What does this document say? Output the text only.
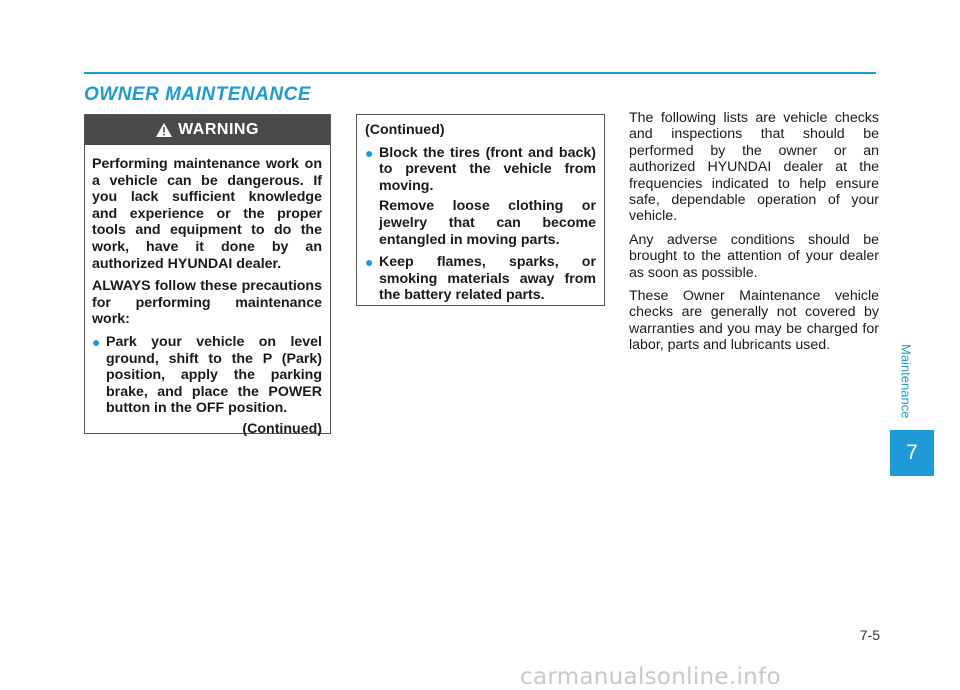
OWNER MAINTENANCE
WARNING

Performing maintenance work on a vehicle can be dangerous. If you lack sufficient knowledge and experience or the proper tools and equipment to do the work, have it done by an authorized HYUNDAI dealer.

ALWAYS follow these precautions for performing maintenance work:

● Park your vehicle on level ground, shift to the P (Park) position, apply the parking brake, and place the POWER button in the OFF position.
(Continued)

(Continued)

● Block the tires (front and back) to prevent the vehicle from moving.
Remove loose clothing or jewelry that can become entangled in moving parts.
● Keep flames, sparks, or smoking materials away from the battery related parts.

The following lists are vehicle checks and inspections that should be performed by the owner or an authorized HYUNDAI dealer at the frequencies indicated to help ensure safe, dependable operation of your vehicle.

Any adverse conditions should be brought to the attention of your dealer as soon as possible.

These Owner Maintenance vehicle checks are generally not covered by warranties and you may be charged for labor, parts and lubricants used.	Maintenance
7
7-5
carmanualsonline.info
